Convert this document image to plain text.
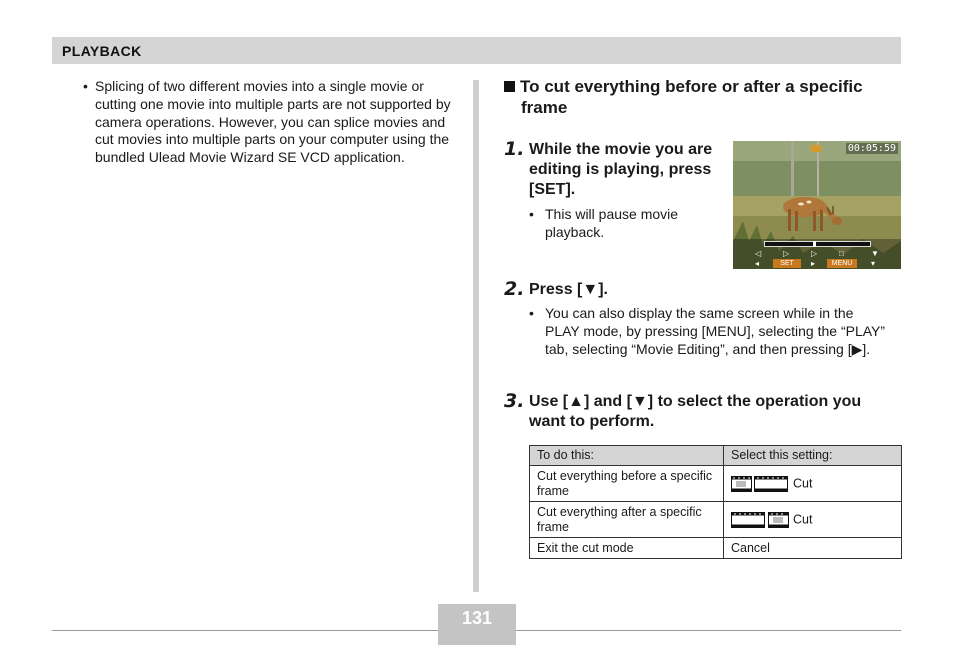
PLAYBACK
• Splicing of two different movies into a single movie or cutting one movie into multiple parts are not supported by camera operations. However, you can splice movies and cut movies into multiple parts on your computer using the bundled Ulead Movie Wizard SE VCD application.
To cut everything before or after a specific
frame
1. While the movie you are editing is playing, press [SET].
• This will pause movie playback.
00:05:59
◁	▷	▷	□	▼
◂	SET	▸	MENU	▾
2. Press [▼].
• You can also display the same screen while in the PLAY mode, by pressing [MENU], selecting the “PLAY” tab, selecting “Movie Editing”, and then pressing [▶].
3. Use [▲] and [▼] to select the operation you want to perform.
To do this:	Select this setting:
Cut everything before a specific frame	Cut
Cut everything after a specific frame	Cut
Exit the cut mode	Cancel
131
